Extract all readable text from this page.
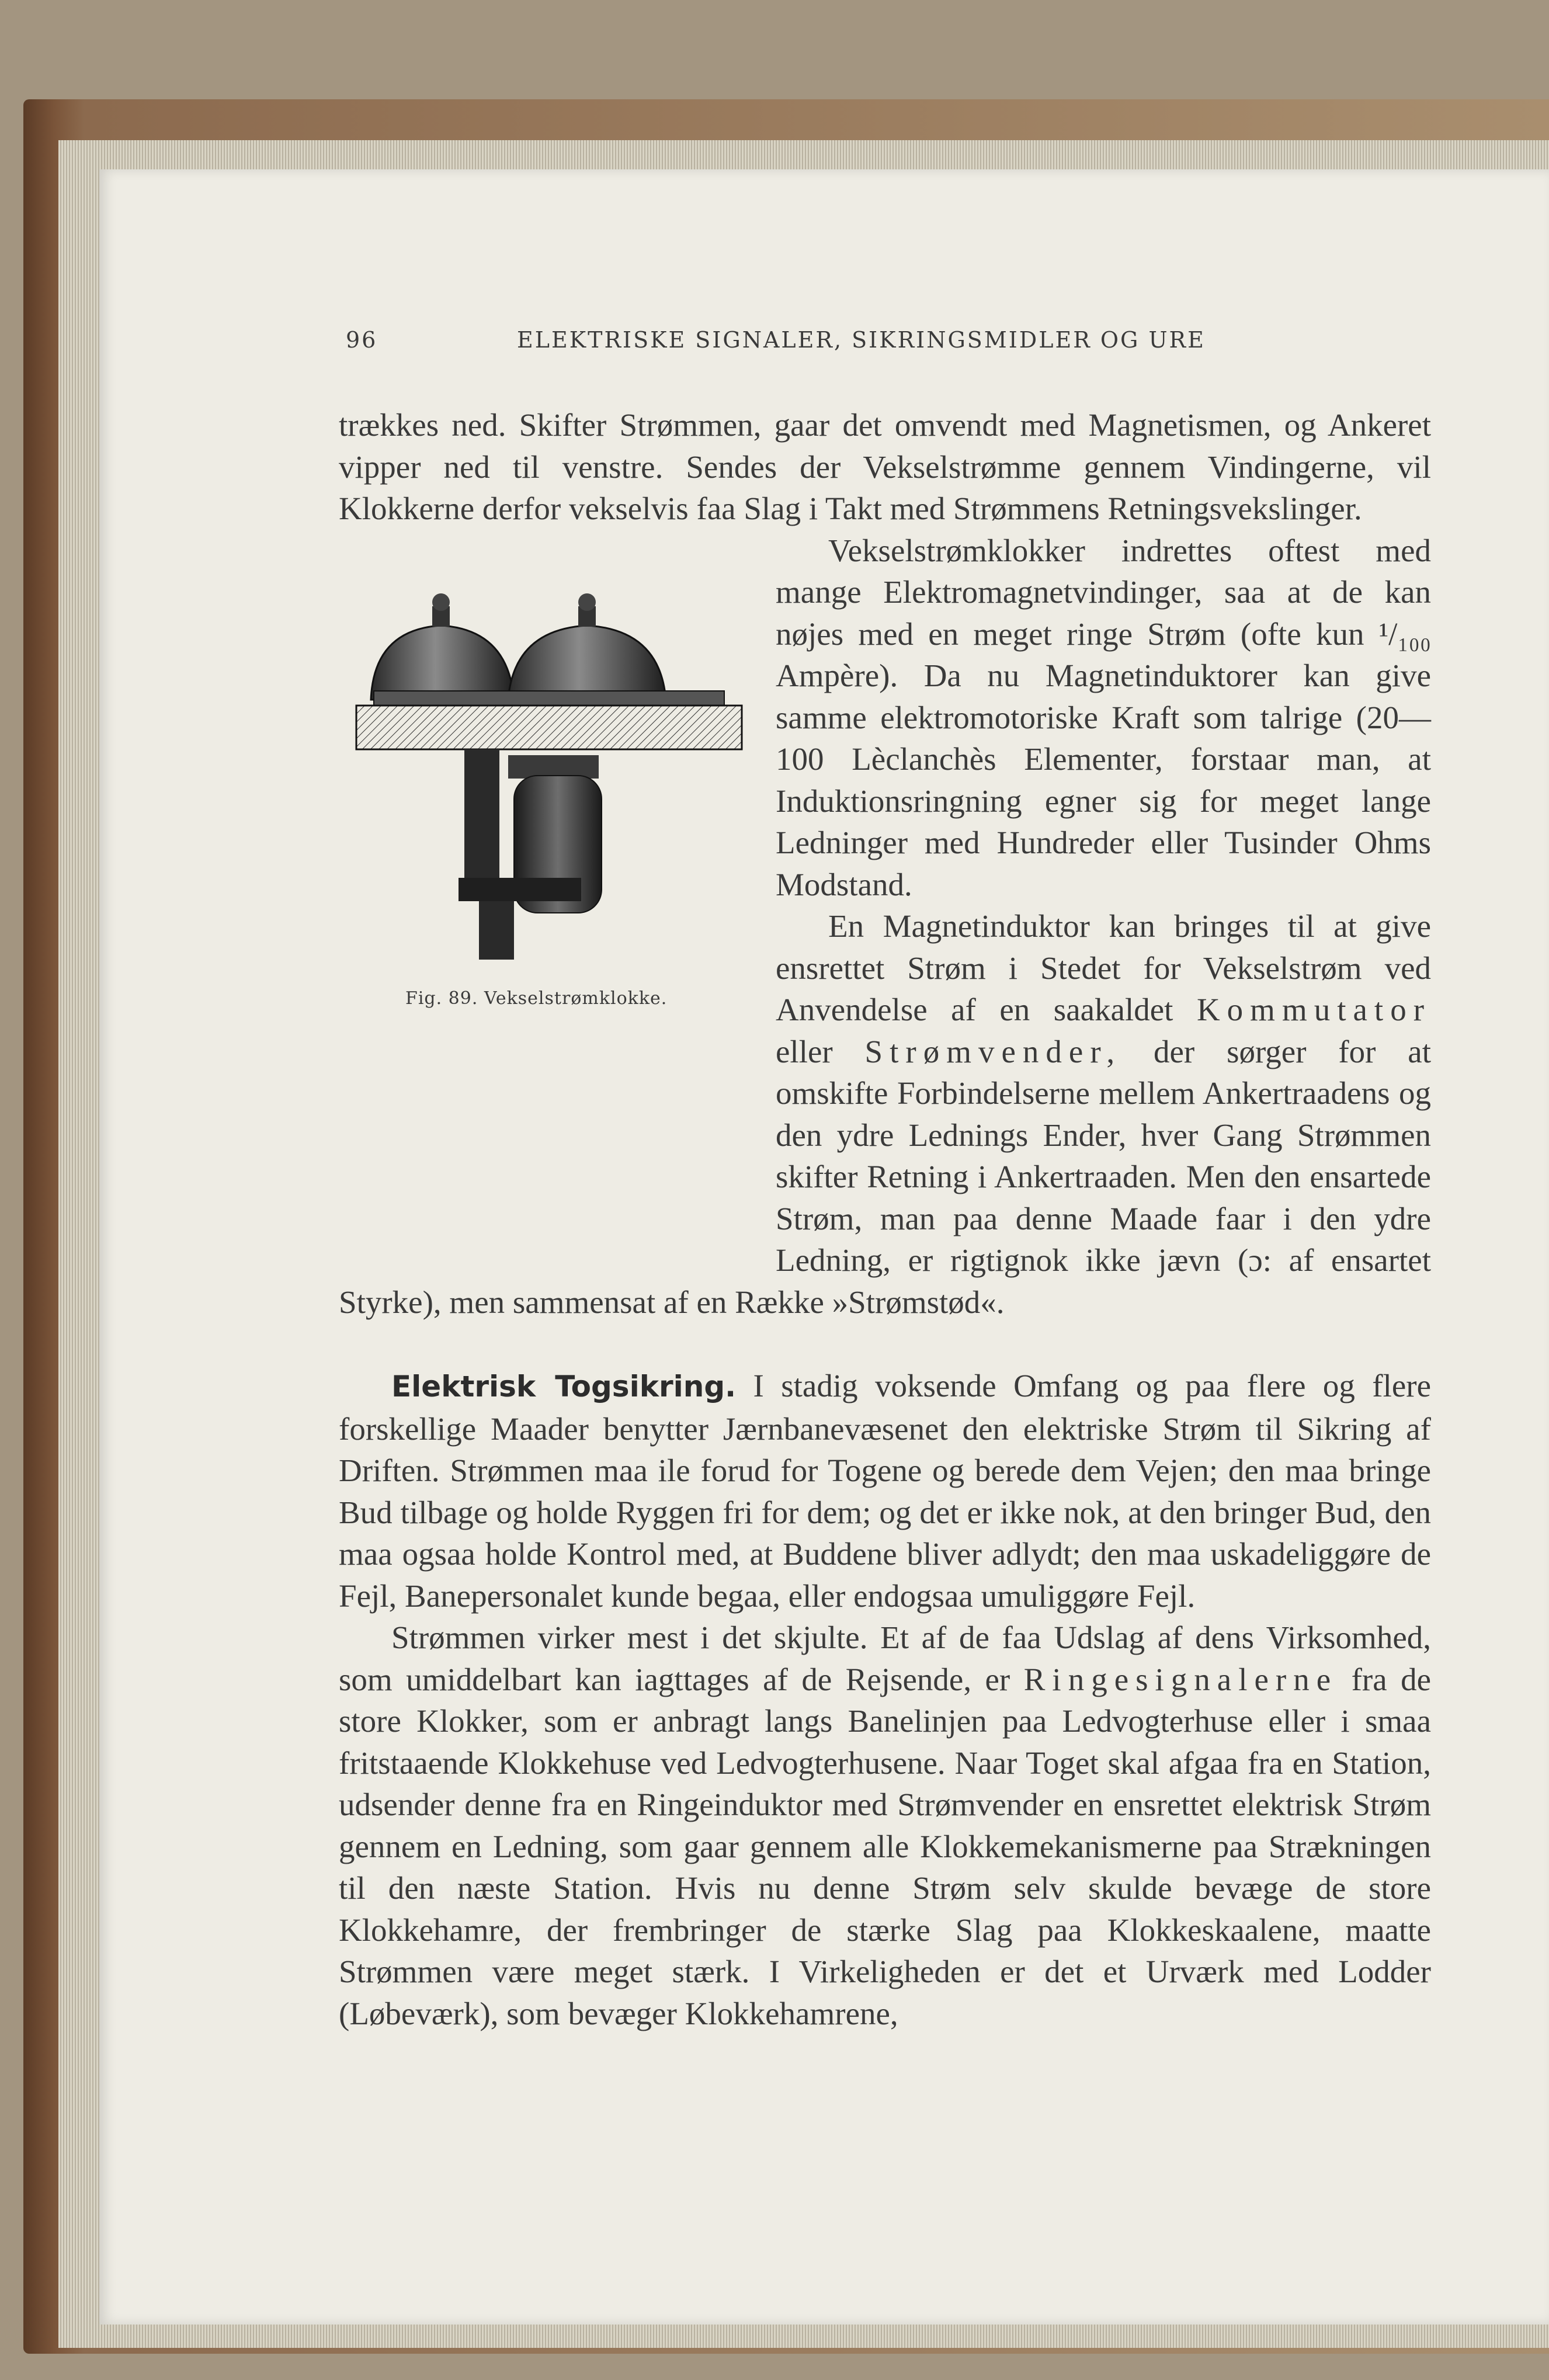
96	ELEKTRISKE SIGNALER, SIKRINGSMIDLER OG URE

trækkes ned. Skifter Strømmen, gaar det omvendt med Magnetismen, og Ankeret vipper ned til venstre. Sendes der Vekselstrømme gennem Vindingerne, vil Klokkerne derfor vekselvis faa Slag i Takt med Strømmens Retningsvekslinger.

Fig. 89. Vekselstrømklokke.

Vekselstrømklokker indrettes oftest med mange Elektromagnetvindinger, saa at de kan nøjes med en meget ringe Strøm (ofte kun ¹/₁₀₀ Ampère). Da nu Magnetinduktorer kan give samme elektromotoriske Kraft som talrige (20—100 Lèclanchès Elementer, forstaar man, at Induktionsringning egner sig for meget lange Ledninger med Hundreder eller Tusinder Ohms Modstand.

En Magnetinduktor kan bringes til at give ensrettet Strøm i Stedet for Vekselstrøm ved Anvendelse af en saakaldet Kommutator eller Strømvender, der sørger for at omskifte Forbindelserne mellem Ankertraadens og den ydre Lednings Ender, hver Gang Strømmen skifter Retning i Ankertraaden. Men den ensartede Strøm, man paa denne Maade faar i den ydre Ledning, er rigtignok ikke jævn (ɔ: af ensartet Styrke), men sammensat af en Række »Strømstød«.

Elektrisk Togsikring. I stadig voksende Omfang og paa flere og flere forskellige Maader benytter Jærnbanevæsenet den elektriske Strøm til Sikring af Driften. Strømmen maa ile forud for Togene og berede dem Vejen; den maa bringe Bud tilbage og holde Ryggen fri for dem; og det er ikke nok, at den bringer Bud, den maa ogsaa holde Kontrol med, at Buddene bliver adlydt; den maa uskadeliggøre de Fejl, Banepersonalet kunde begaa, eller endogsaa umuliggøre Fejl.

Strømmen virker mest i det skjulte. Et af de faa Udslag af dens Virksomhed, som umiddelbart kan iagttages af de Rejsende, er Ringesignalerne fra de store Klokker, som er anbragt langs Banelinjen paa Ledvogterhuse eller i smaa fritstaaende Klokkehuse ved Ledvogterhusene. Naar Toget skal afgaa fra en Station, udsender denne fra en Ringeinduktor med Strømvender en ensrettet elektrisk Strøm gennem en Ledning, som gaar gennem alle Klokkemekanismerne paa Strækningen til den næste Station. Hvis nu denne Strøm selv skulde bevæge de store Klokkehamre, der frembringer de stærke Slag paa Klokkeskaalene, maatte Strømmen være meget stærk. I Virkeligheden er det et Urværk med Lodder (Løbeværk), som bevæger Klokkehamrene,
